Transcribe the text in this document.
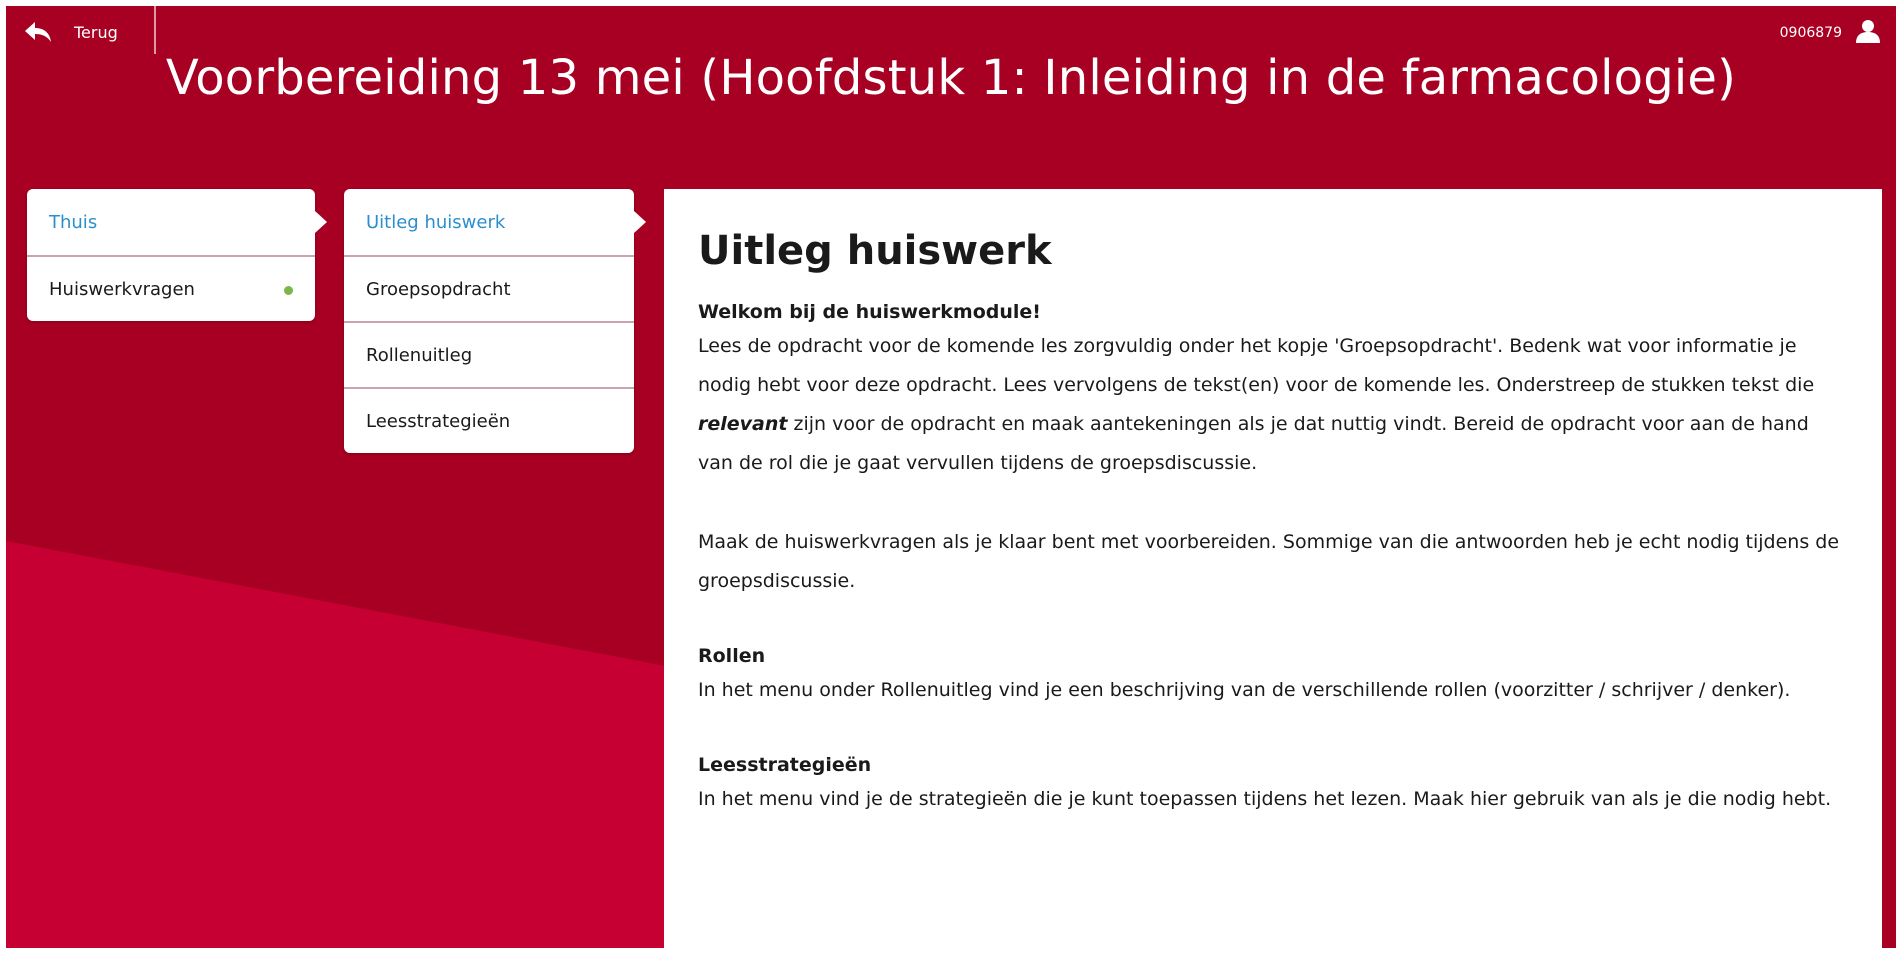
Terug	0906879
Voorbereiding 13 mei (Hoofdstuk 1: Inleiding in de farmacologie)
Thuis
Huiswerkvragen
Uitleg huiswerk
Groepsopdracht
Rollenuitleg
Leesstrategieën
Uitleg huiswerk

Welkom bij de huiswerkmodule!

Lees de opdracht voor de komende les zorgvuldig onder het kopje 'Groepsopdracht'. Bedenk wat voor informatie je nodig hebt voor deze opdracht. Lees vervolgens de tekst(en) voor de komende les. Onderstreep de stukken tekst die relevant zijn voor de opdracht en maak aantekeningen als je dat nuttig vindt. Bereid de opdracht voor aan de hand van de rol die je gaat vervullen tijdens de groepsdiscussie.

Maak de huiswerkvragen als je klaar bent met voorbereiden. Sommige van die antwoorden heb je echt nodig tijdens de groepsdiscussie.

Rollen

In het menu onder Rollenuitleg vind je een beschrijving van de verschillende rollen (voorzitter / schrijver / denker).

Leesstrategieën

In het menu vind je de strategieën die je kunt toepassen tijdens het lezen. Maak hier gebruik van als je die nodig hebt.
